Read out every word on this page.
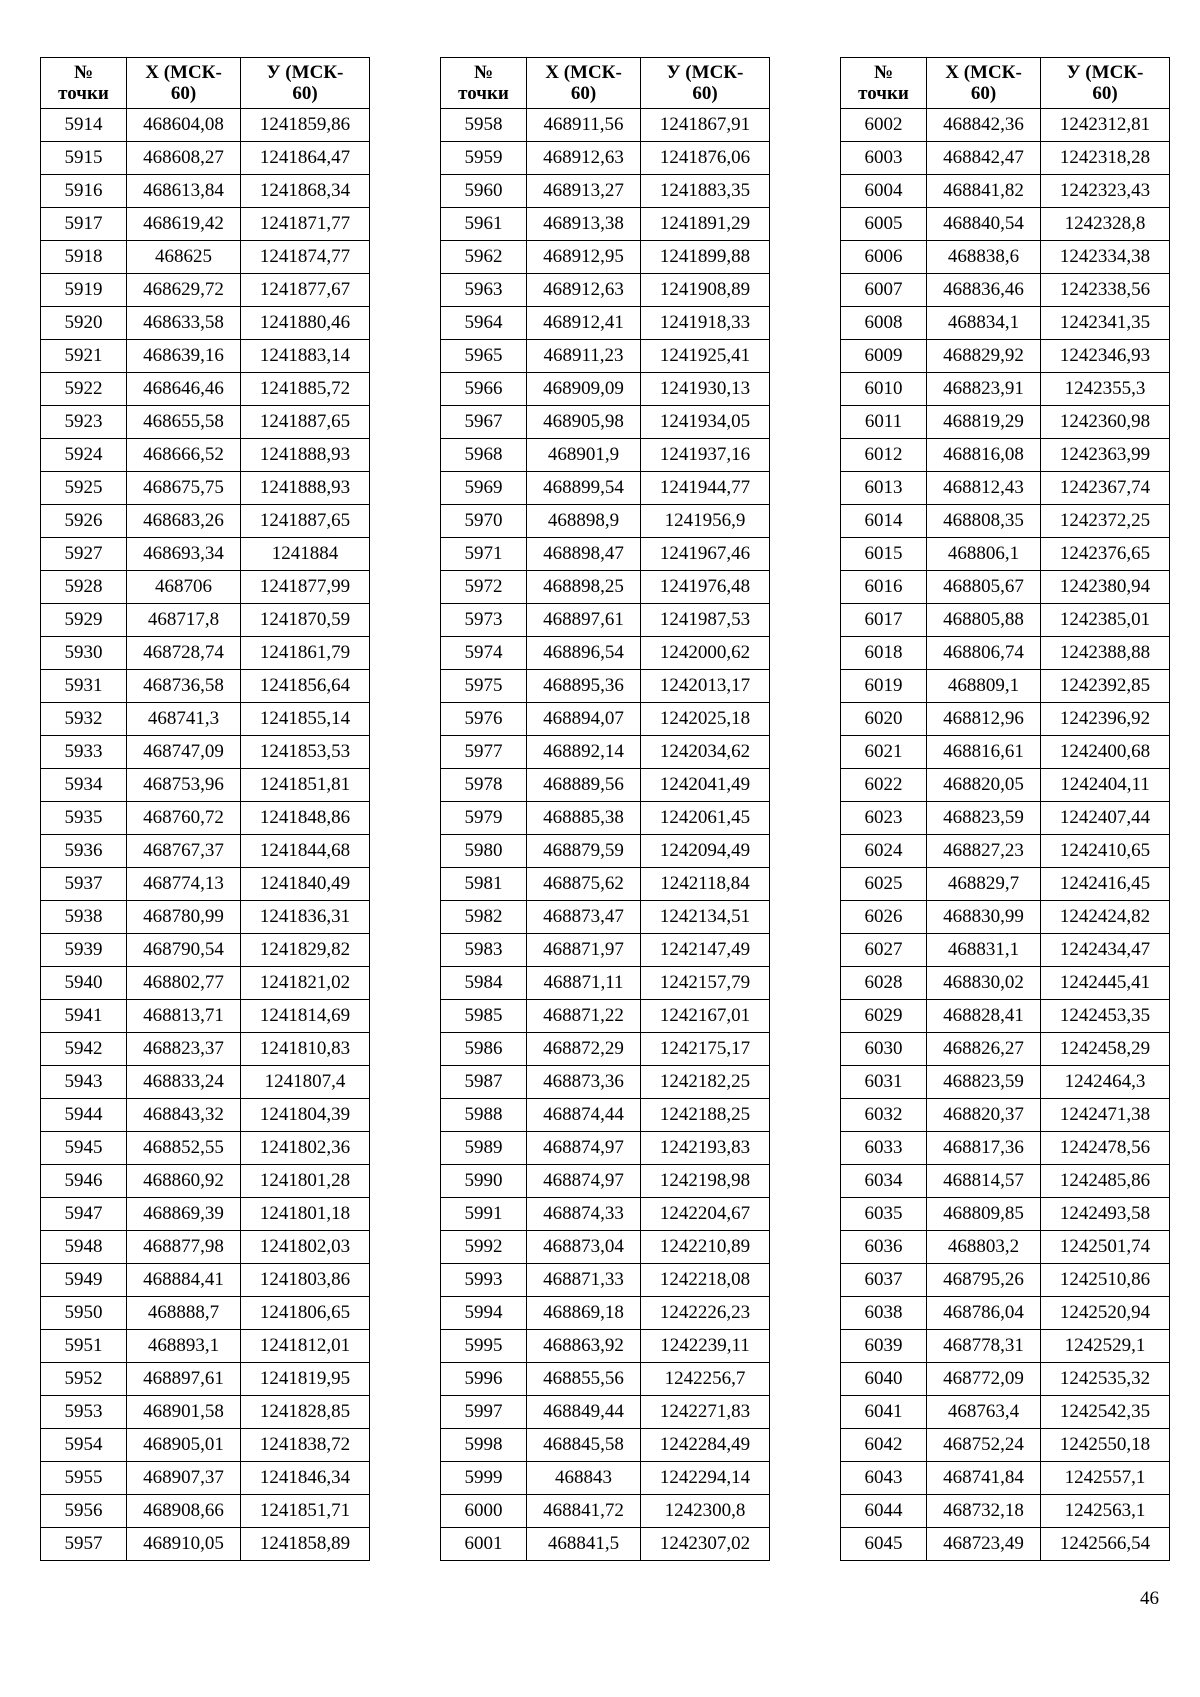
№
точки	Х (МСК-
60)	У (МСК-
60)
5914	468604,08	1241859,86
5915	468608,27	1241864,47
5916	468613,84	1241868,34
5917	468619,42	1241871,77
5918	468625	1241874,77
5919	468629,72	1241877,67
5920	468633,58	1241880,46
5921	468639,16	1241883,14
5922	468646,46	1241885,72
5923	468655,58	1241887,65
5924	468666,52	1241888,93
5925	468675,75	1241888,93
5926	468683,26	1241887,65
5927	468693,34	1241884
5928	468706	1241877,99
5929	468717,8	1241870,59
5930	468728,74	1241861,79
5931	468736,58	1241856,64
5932	468741,3	1241855,14
5933	468747,09	1241853,53
5934	468753,96	1241851,81
5935	468760,72	1241848,86
5936	468767,37	1241844,68
5937	468774,13	1241840,49
5938	468780,99	1241836,31
5939	468790,54	1241829,82
5940	468802,77	1241821,02
5941	468813,71	1241814,69
5942	468823,37	1241810,83
5943	468833,24	1241807,4
5944	468843,32	1241804,39
5945	468852,55	1241802,36
5946	468860,92	1241801,28
5947	468869,39	1241801,18
5948	468877,98	1241802,03
5949	468884,41	1241803,86
5950	468888,7	1241806,65
5951	468893,1	1241812,01
5952	468897,61	1241819,95
5953	468901,58	1241828,85
5954	468905,01	1241838,72
5955	468907,37	1241846,34
5956	468908,66	1241851,71
5957	468910,05	1241858,89
№
точки	Х (МСК-
60)	У (МСК-
60)
5958	468911,56	1241867,91
5959	468912,63	1241876,06
5960	468913,27	1241883,35
5961	468913,38	1241891,29
5962	468912,95	1241899,88
5963	468912,63	1241908,89
5964	468912,41	1241918,33
5965	468911,23	1241925,41
5966	468909,09	1241930,13
5967	468905,98	1241934,05
5968	468901,9	1241937,16
5969	468899,54	1241944,77
5970	468898,9	1241956,9
5971	468898,47	1241967,46
5972	468898,25	1241976,48
5973	468897,61	1241987,53
5974	468896,54	1242000,62
5975	468895,36	1242013,17
5976	468894,07	1242025,18
5977	468892,14	1242034,62
5978	468889,56	1242041,49
5979	468885,38	1242061,45
5980	468879,59	1242094,49
5981	468875,62	1242118,84
5982	468873,47	1242134,51
5983	468871,97	1242147,49
5984	468871,11	1242157,79
5985	468871,22	1242167,01
5986	468872,29	1242175,17
5987	468873,36	1242182,25
5988	468874,44	1242188,25
5989	468874,97	1242193,83
5990	468874,97	1242198,98
5991	468874,33	1242204,67
5992	468873,04	1242210,89
5993	468871,33	1242218,08
5994	468869,18	1242226,23
5995	468863,92	1242239,11
5996	468855,56	1242256,7
5997	468849,44	1242271,83
5998	468845,58	1242284,49
5999	468843	1242294,14
6000	468841,72	1242300,8
6001	468841,5	1242307,02
№
точки	Х (МСК-
60)	У (МСК-
60)
6002	468842,36	1242312,81
6003	468842,47	1242318,28
6004	468841,82	1242323,43
6005	468840,54	1242328,8
6006	468838,6	1242334,38
6007	468836,46	1242338,56
6008	468834,1	1242341,35
6009	468829,92	1242346,93
6010	468823,91	1242355,3
6011	468819,29	1242360,98
6012	468816,08	1242363,99
6013	468812,43	1242367,74
6014	468808,35	1242372,25
6015	468806,1	1242376,65
6016	468805,67	1242380,94
6017	468805,88	1242385,01
6018	468806,74	1242388,88
6019	468809,1	1242392,85
6020	468812,96	1242396,92
6021	468816,61	1242400,68
6022	468820,05	1242404,11
6023	468823,59	1242407,44
6024	468827,23	1242410,65
6025	468829,7	1242416,45
6026	468830,99	1242424,82
6027	468831,1	1242434,47
6028	468830,02	1242445,41
6029	468828,41	1242453,35
6030	468826,27	1242458,29
6031	468823,59	1242464,3
6032	468820,37	1242471,38
6033	468817,36	1242478,56
6034	468814,57	1242485,86
6035	468809,85	1242493,58
6036	468803,2	1242501,74
6037	468795,26	1242510,86
6038	468786,04	1242520,94
6039	468778,31	1242529,1
6040	468772,09	1242535,32
6041	468763,4	1242542,35
6042	468752,24	1242550,18
6043	468741,84	1242557,1
6044	468732,18	1242563,1
6045	468723,49	1242566,54
46
